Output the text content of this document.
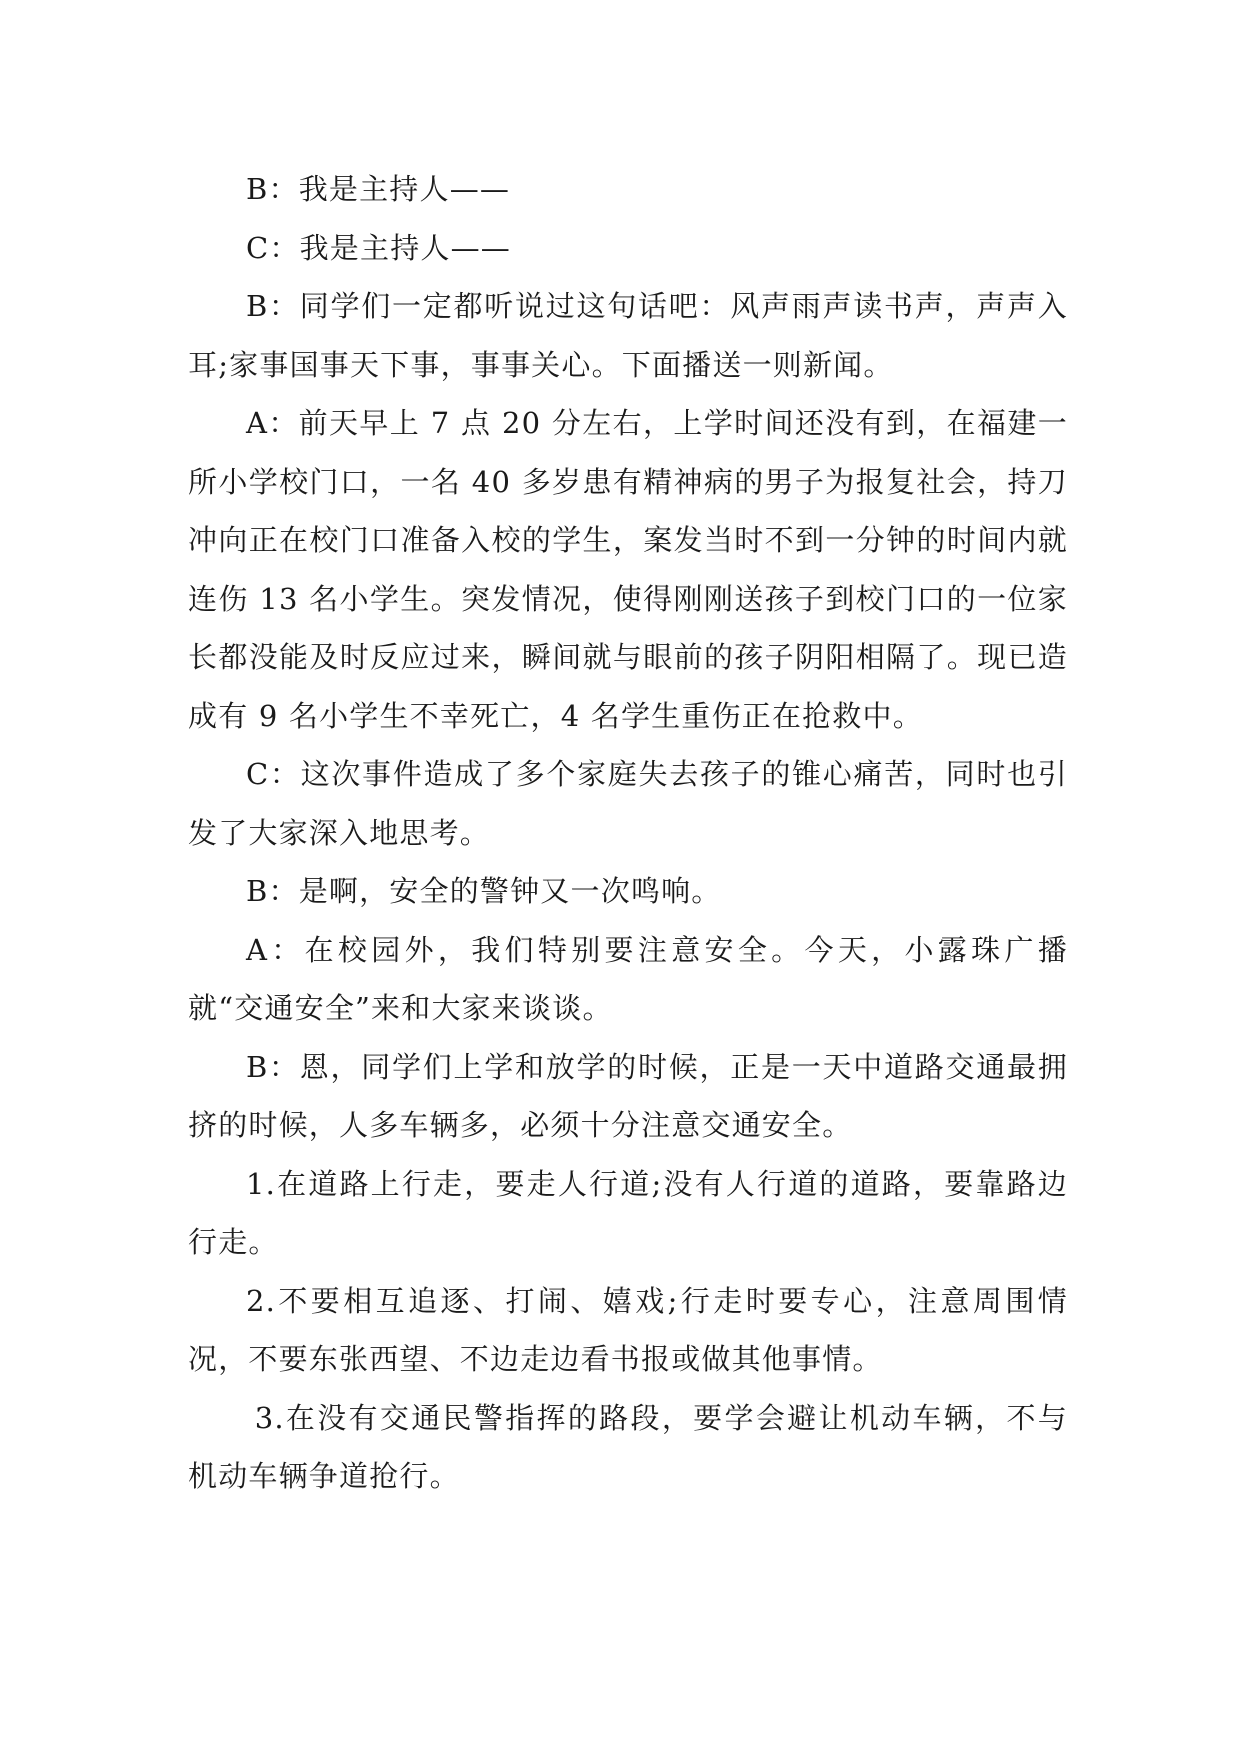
B：我是主持人——

C：我是主持人——

B：同学们一定都听说过这句话吧：风声雨声读书声，声声入耳;家事国事天下事，事事关心。下面播送一则新闻。

A：前天早上 7 点 20 分左右，上学时间还没有到，在福建一所小学校门口，一名 40 多岁患有精神病的男子为报复社会，持刀冲向正在校门口准备入校的学生，案发当时不到一分钟的时间内就连伤 13 名小学生。突发情况，使得刚刚送孩子到校门口的一位家长都没能及时反应过来，瞬间就与眼前的孩子阴阳相隔了。现已造成有 9 名小学生不幸死亡，4 名学生重伤正在抢救中。

C：这次事件造成了多个家庭失去孩子的锥心痛苦，同时也引发了大家深入地思考。

B：是啊，安全的警钟又一次鸣响。

A：在校园外，我们特别要注意安全。今天，小露珠广播就“交通安全”来和大家来谈谈。

B：恩，同学们上学和放学的时候，正是一天中道路交通最拥挤的时候，人多车辆多，必须十分注意交通安全。

1.在道路上行走，要走人行道;没有人行道的道路，要靠路边行走。

2.不要相互追逐、打闹、嬉戏;行走时要专心，注意周围情况，不要东张西望、不边走边看书报或做其他事情。

3.在没有交通民警指挥的路段，要学会避让机动车辆，不与机动车辆争道抢行。
